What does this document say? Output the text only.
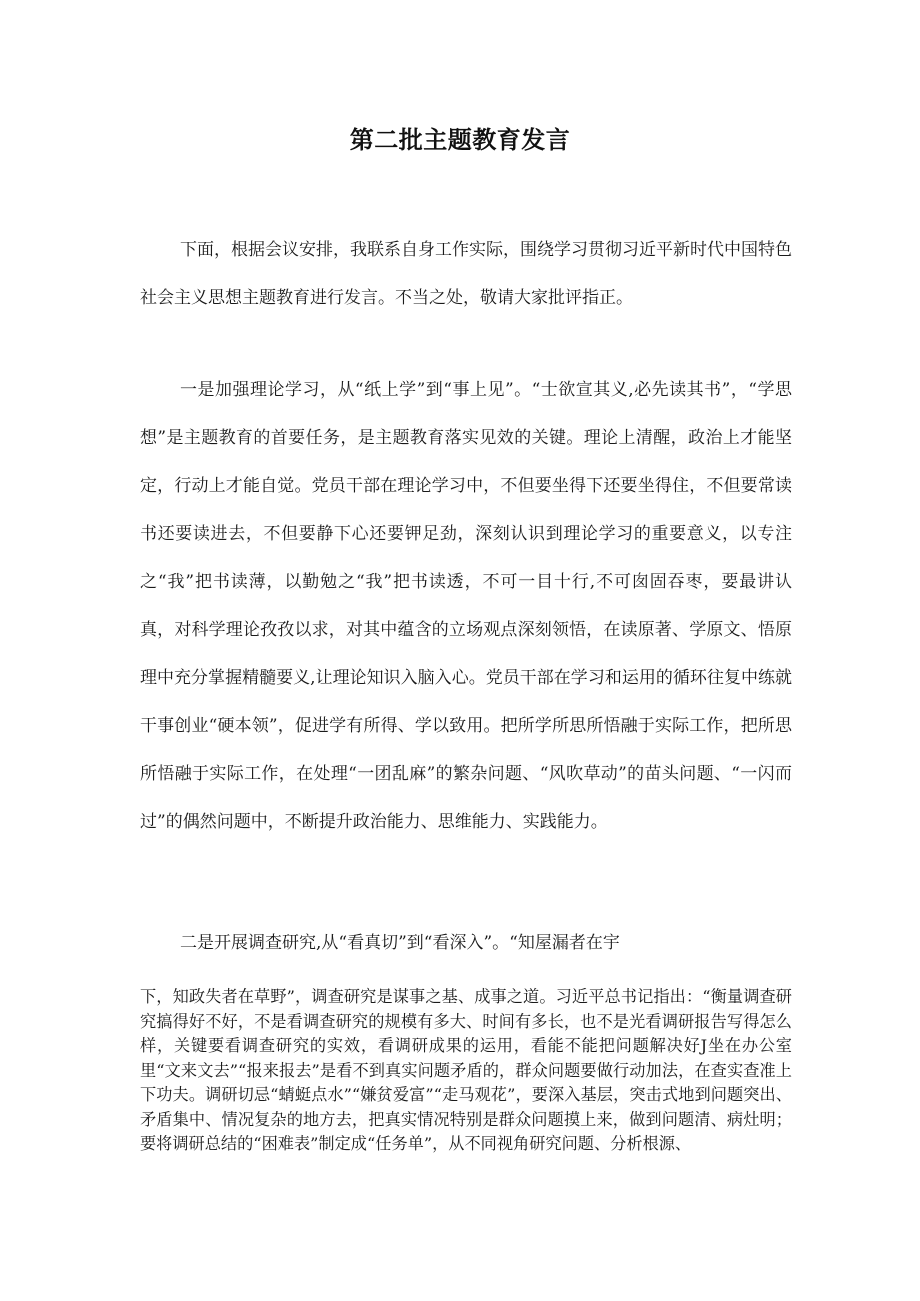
第二批主题教育发言

下面，根据会议安排，我联系自身工作实际，围绕学习贯彻习近平新时代中国特色社会主义思想主题教育进行发言。不当之处，敬请大家批评指正。

一是加强理论学习，从“纸上学”到“事上见”。“士欲宣其义,必先读其书”，“学思想”是主题教育的首要任务，是主题教育落实见效的关键。理论上清醒，政治上才能坚定，行动上才能自觉。党员干部在理论学习中，不但要坐得下还要坐得住，不但要常读书还要读进去，不但要静下心还要钾足劲，深刻认识到理论学习的重要意义，以专注之“我”把书读薄，以勤勉之“我”把书读透，不可一目十行,不可囱固吞枣，要最讲认真，对科学理论孜孜以求，对其中蕴含的立场观点深刻领悟，在读原著、学原文、悟原理中充分掌握精髓要义,让理论知识入脑入心。党员干部在学习和运用的循环往复中练就干事创业“硬本领”，促进学有所得、学以致用。把所学所思所悟融于实际工作，把所思所悟融于实际工作，在处理“一团乱麻”的繁杂问题、“风吹草动”的苗头问题、“一闪而过”的偶然问题中，不断提升政治能力、思维能力、实践能力。

二是开展调查研究,从“看真切”到“看深入”。“知屋漏者在宇

下，知政失者在草野”，调查研究是谋事之基、成事之道。习近平总书记指出：“衡量调查研究搞得好不好，不是看调查研究的规模有多大、时间有多长，也不是光看调研报告写得怎么样，关键要看调查研究的实效，看调研成果的运用，看能不能把问题解决好J坐在办公室里“文来文去”“报来报去”是看不到真实问题矛盾的，群众问题要做行动加法，在查实查准上下功夫。调研切忌“蜻蜓点水”“嫌贫爱富”“走马观花”，要深入基层，突击式地到问题突出、矛盾集中、情况复杂的地方去，把真实情况特别是群众问题摸上来，做到问题清、病灶明；要将调研总结的“困难表”制定成“任务单”，从不同视角研究问题、分析根源、
